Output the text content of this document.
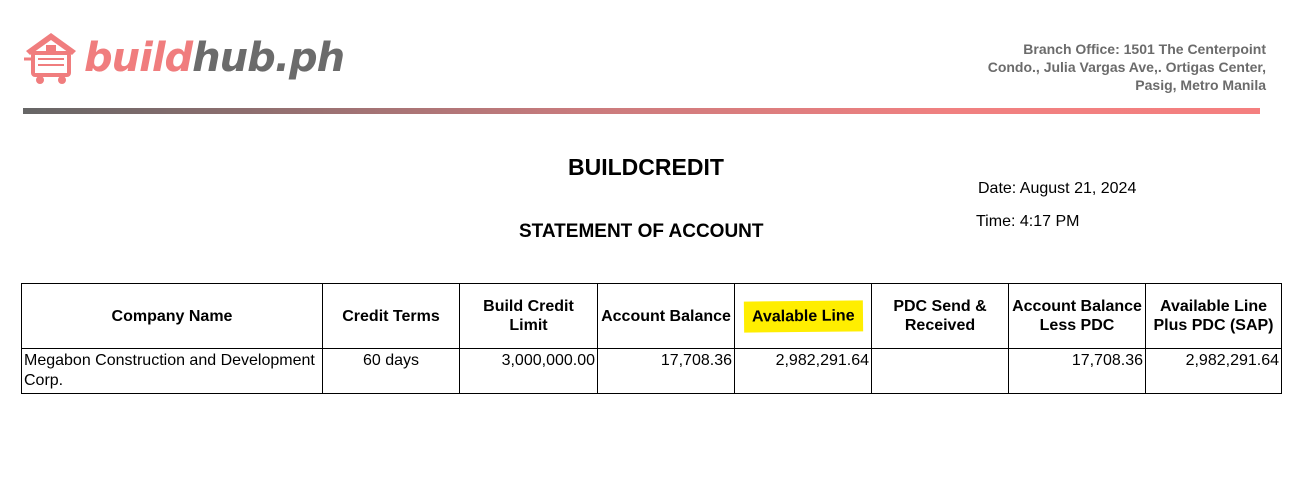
buildhub.ph	Branch Office: 1501 The Centerpoint
Condo., Julia Vargas Ave,. Ortigas Center,
Pasig, Metro Manila
BUILDCREDIT
STATEMENT OF ACCOUNT
Date: August 21, 2024
Time: 4:17 PM
Company Name	Credit Terms	Build Credit Limit	Account Balance	Avalable Line	PDC Send & Received	Account Balance Less PDC	Available Line Plus PDC (SAP)
Megabon Construction and Development Corp.	60 days	3,000,000.00	17,708.36	2,982,291.64		17,708.36	2,982,291.64
